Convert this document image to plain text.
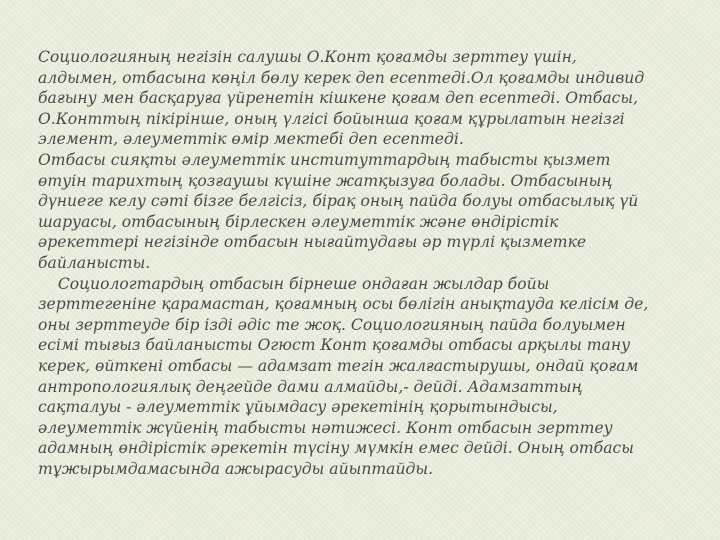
Социологияның негізін салушы О.Конт қоғамды зерттеу үшін,
алдымен, отбасына көңіл бөлу керек деп есептеді.Ол қоғамды индивид
бағыну мен басқаруға үйренетін кішкене қоғам деп есептеді. Отбасы,
О.Конттың пікірінше, оның үлгісі бойынша қоғам құрылатын негізгі
элемент, әлеуметтік өмір мектебі деп есептеді.

Отбасы сияқты әлеуметтік институттардың табысты қызмет
өтуін тарихтың қозғаушы күшіне жатқызуға болады. Отбасының
дүниеге келу сәті бізге белгісіз, бірақ оның пайда болуы отбасылық үй
шаруасы, отбасының бірлескен әлеуметтік және өндірістік
әрекеттері негізінде отбасын нығайтудағы әр түрлі қызметке
байланысты.

Социологтардың отбасын бірнеше ондаған жылдар бойы
зерттегеніне қарамастан, қоғамның осы бөлігін анықтауда келісім де,
оны зерттеуде бір ізді әдіс те жоқ. Социологияның пайда болуымен
есімі тығыз байланысты Огюст Конт қоғамды отбасы арқылы тану
керек, өйткені отбасы — адамзат тегін жалғастырушы, ондай қоғам
антропологиялық деңгейде дами алмайды,- дейді. Адамзаттың
сақталуы - әлеуметтік ұйымдасу әрекетінің қорытындысы,
әлеуметтік жүйенің табысты нәтижесі. Конт отбасын зерттеу
адамның өндірістік әрекетін түсіну мүмкін емес дейді. Оның отбасы
тұжырымдамасында ажырасуды айыптайды.
